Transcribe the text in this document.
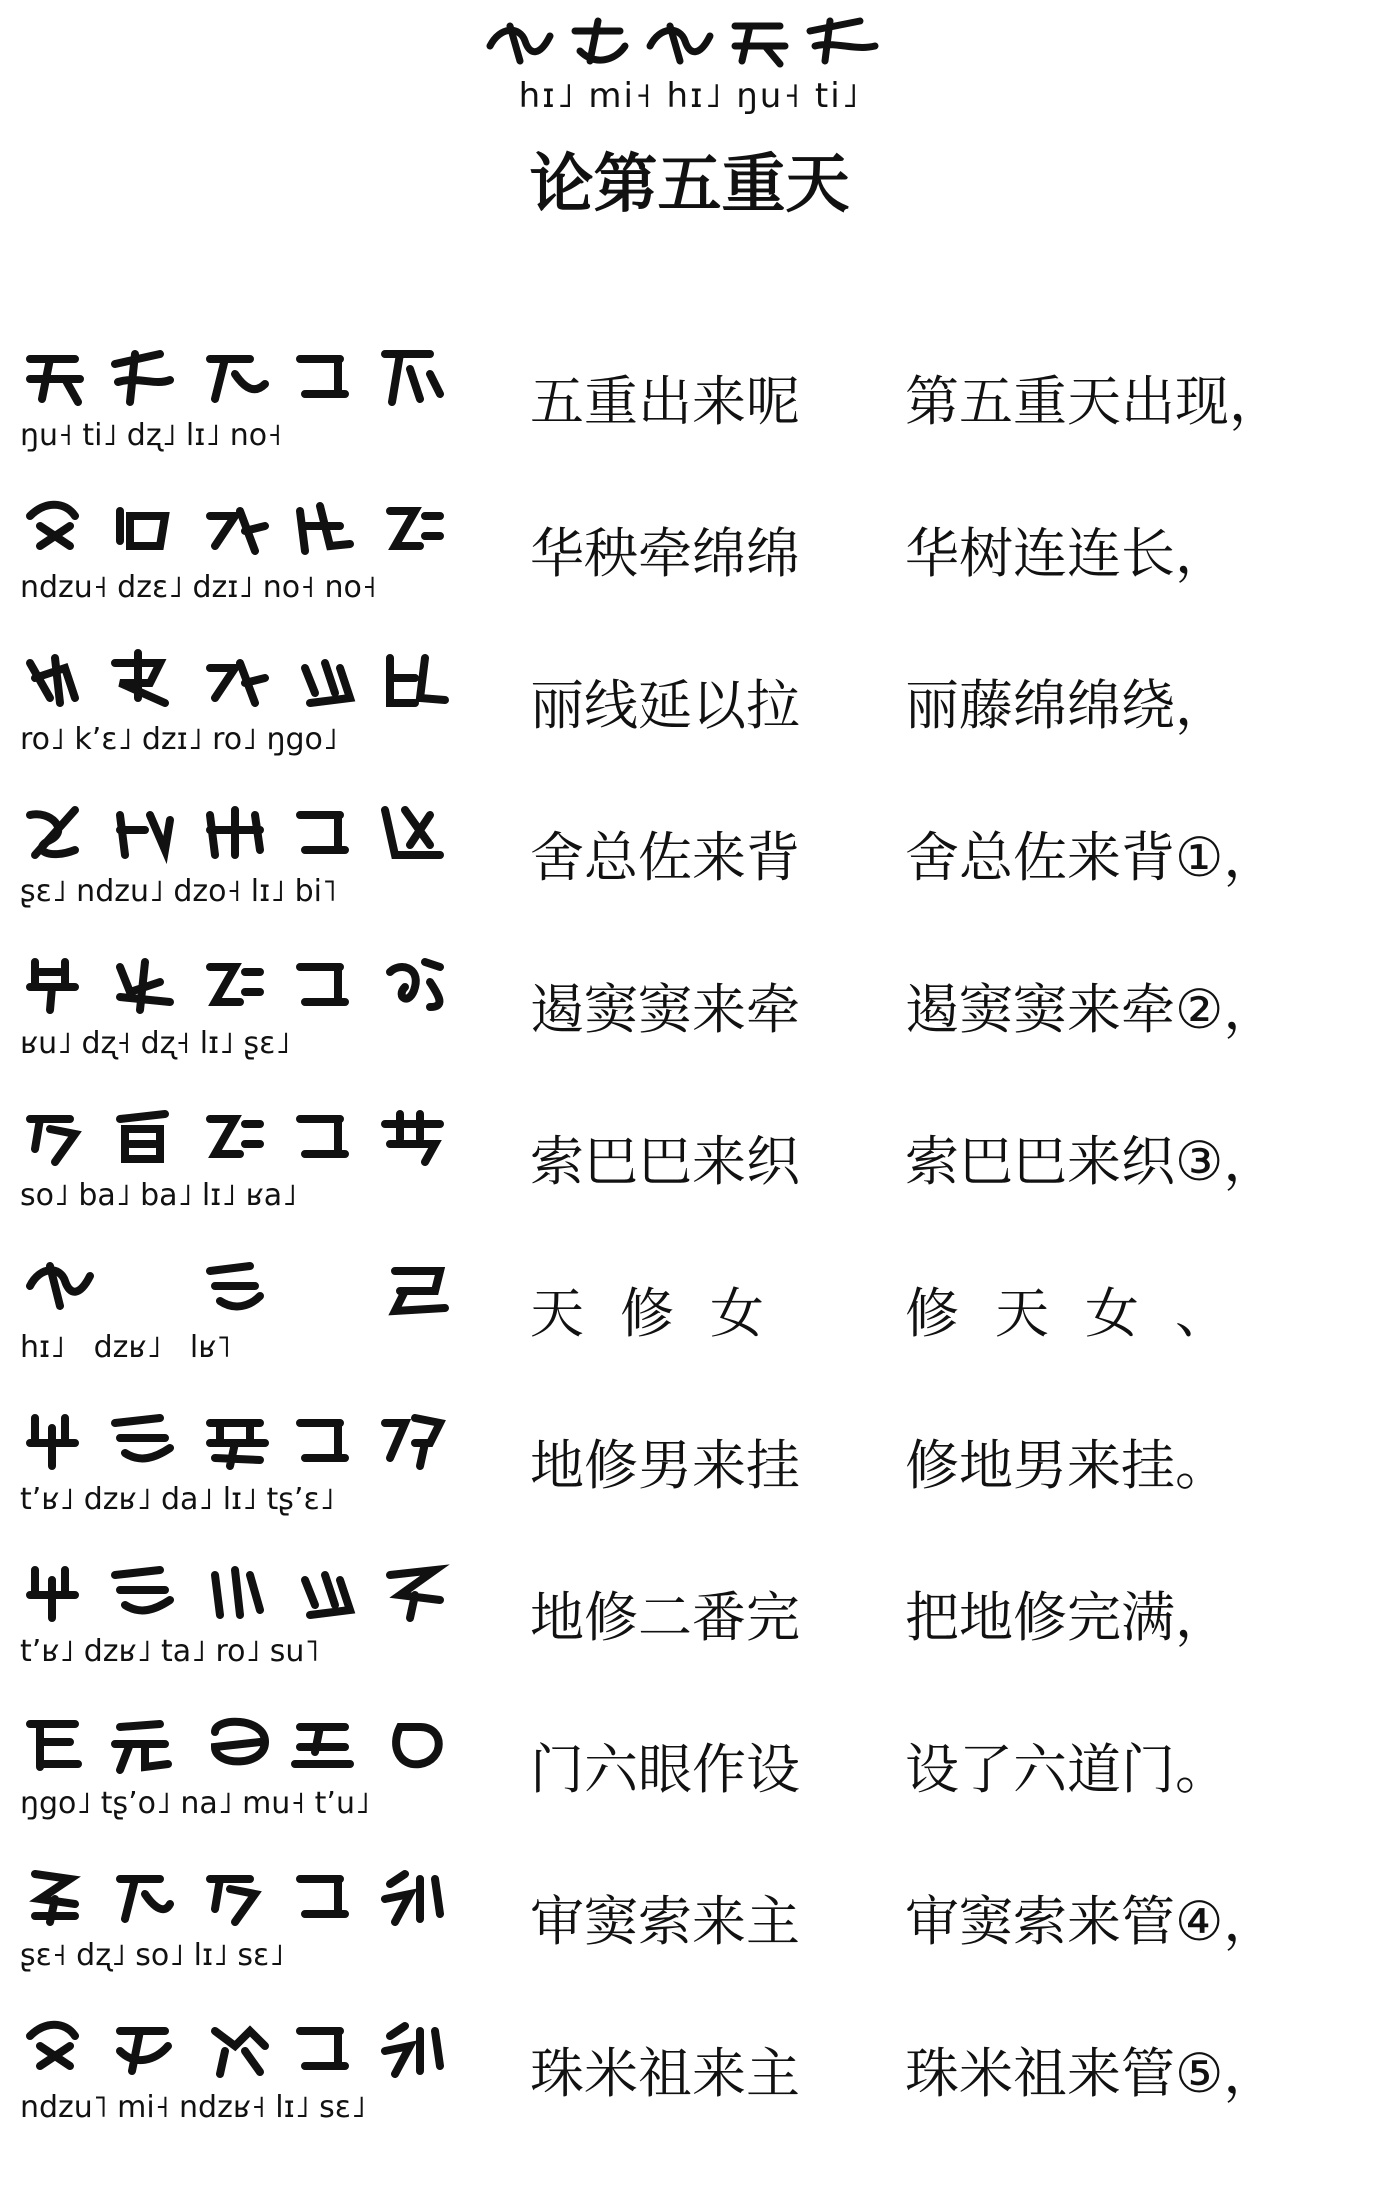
hɪ˩ mi˧ hɪ˩ ŋu˧ ti˩
论第五重天
ŋu˧ ti˩ dʐ˩ lɪ˩ no˧
五重出来呢	第五重天出现，
ndzu˧ dzɛ˩ dzɪ˩ no˧ no˧
华秧牵绵绵	华树连连长，
ro˩ kʼɛ˩ dzɪ˩ ro˩ ŋgo˩
丽线延以拉	丽藤绵绵绕，
ʂɛ˩ ndzu˩ dzo˧ lɪ˩ bi˥
舍总佐来背	舍总佐来背①，
ʁu˩ dʐ˧ dʐ˧ lɪ˩ ʂɛ˩
遏窦窦来牵	遏窦窦来牵②，
so˩ ba˩ ba˩ lɪ˩ ʁa˩
索巴巴来织	索巴巴来织③，
hɪ˩   dzʁ˩   lʁ˥
天修女	修天女、
tʼʁ˩ dzʁ˩ da˩ lɪ˩ tʂʼɛ˩
地修男来挂	修地男来挂。
tʼʁ˩ dzʁ˩ ta˩ ro˩ su˥
地修二番完	把地修完满，
ŋgo˩ tʂʼo˩ na˩ mu˧ tʼu˩
门六眼作设	设了六道门。
ʂɛ˧ dʐ˩ so˩ lɪ˩ sɛ˩
审窦索来主	审窦索来管④，
ndzu˥ mi˧ ndzʁ˧ lɪ˩ sɛ˩
珠米祖来主	珠米祖来管⑤，
